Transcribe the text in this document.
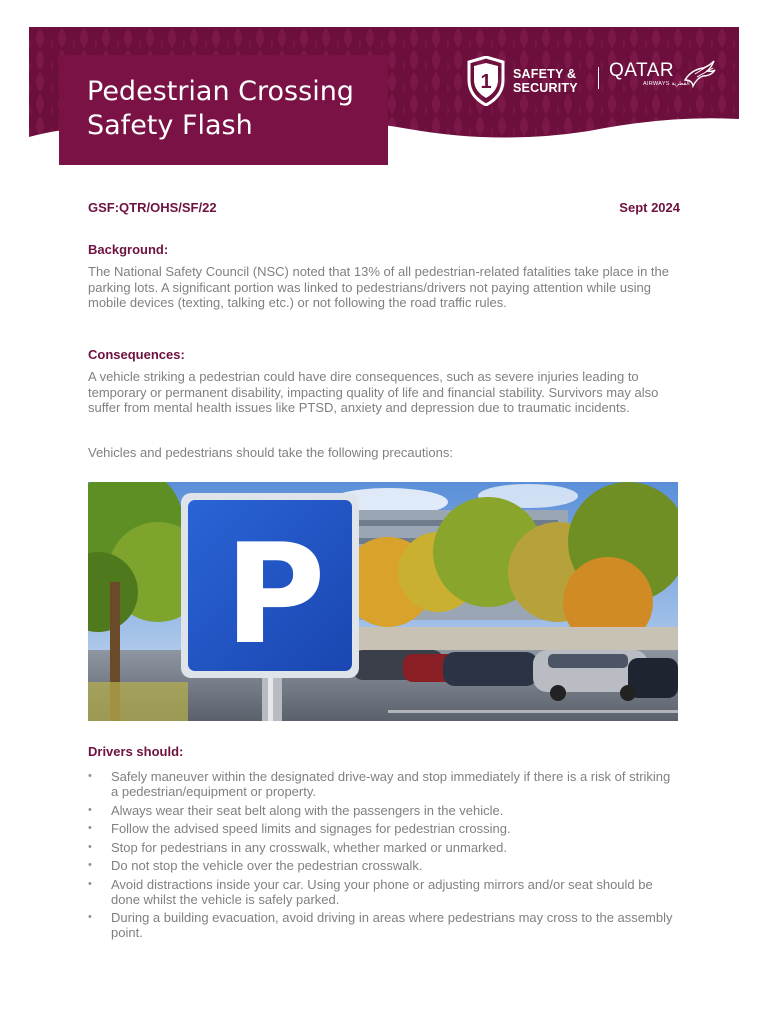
Pedestrian Crossing
Safety Flash
1 SAFETY &
SECURITY
QATAR
AIRWAYS القطرية
GSF:QTR/OHS/SF/22	Sept 2024
Background:

The National Safety Council (NSC) noted that 13% of all pedestrian-related fatalities take place in the parking lots. A significant portion was linked to pedestrians/drivers not paying attention while using mobile devices (texting, talking etc.) or not following the road traffic rules.

Consequences:

A vehicle striking a pedestrian could have dire consequences, such as severe injuries leading to temporary or permanent disability, impacting quality of life and financial stability. Survivors may also suffer from mental health issues like PTSD, anxiety and depression due to traumatic incidents.

Vehicles and pedestrians should take the following precautions:

P
Drivers should:
• Safely maneuver within the designated drive-way and stop immediately if there is a risk of striking a pedestrian/equipment or property.
• Always wear their seat belt along with the passengers in the vehicle.
• Follow the advised speed limits and signages for pedestrian crossing.
• Stop for pedestrians in any crosswalk, whether marked or unmarked.
• Do not stop the vehicle over the pedestrian crosswalk.
• Avoid distractions inside your car. Using your phone or adjusting mirrors and/or seat should be done whilst the vehicle is safely parked.
• During a building evacuation, avoid driving in areas where pedestrians may cross to the assembly point.
